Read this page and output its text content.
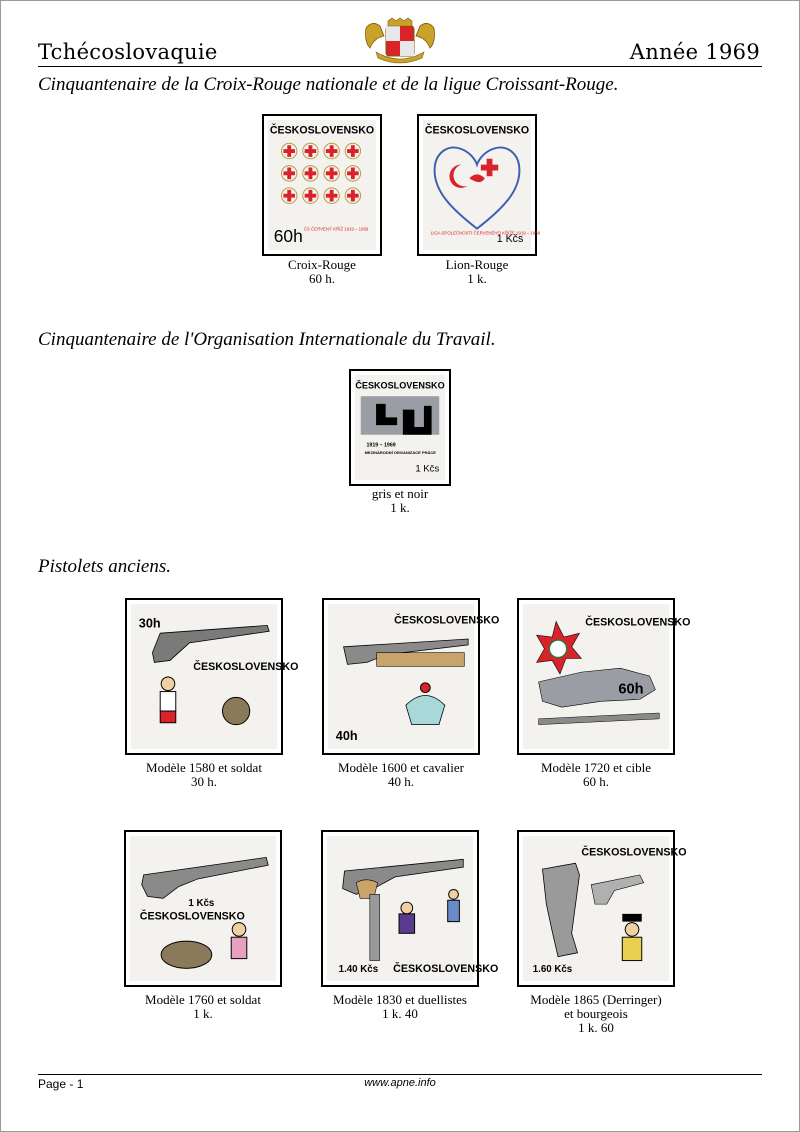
Tchécoslovaquie	Année 1969
Cinquantenaire de la Croix-Rouge nationale et de la ligue Croissant-Rouge.
ČESKOSLOVENSKO
60h ČS ČERVENÝ KŘÍŽ 1919 – 1969
Croix-Rouge
60 h.
ČESKOSLOVENSKO
LIGA SPOLEČNOSTÍ ČERVENÉHO KŘÍŽE 1919 – 1969
1 Kčs
Lion-Rouge
1 k.
Cinquantenaire de l'Organisation Internationale du Travail.
ČESKOSLOVENSKO
1919 – 1969
MEZINÁRODNÍ ORGANIZACE PRÁCE
1 Kčs
gris et noir
1 k.
Pistolets anciens.
30h
ČESKOSLOVENSKO
Modèle 1580 et soldat
30 h.
ČESKOSLOVENSKO
40h
Modèle 1600 et cavalier
40 h.
ČESKOSLOVENSKO
60h
Modèle 1720 et cible
60 h.
1 Kčs
ČESKOSLOVENSKO
Modèle 1760 et soldat
1 k.
1.40 Kčs ČESKOSLOVENSKO
Modèle 1830 et duellistes
1 k. 40
ČESKOSLOVENSKO
1.60 Kčs
Modèle 1865 (Derringer)
et bourgeois
1 k. 60
Page - 1	www.apne.info
